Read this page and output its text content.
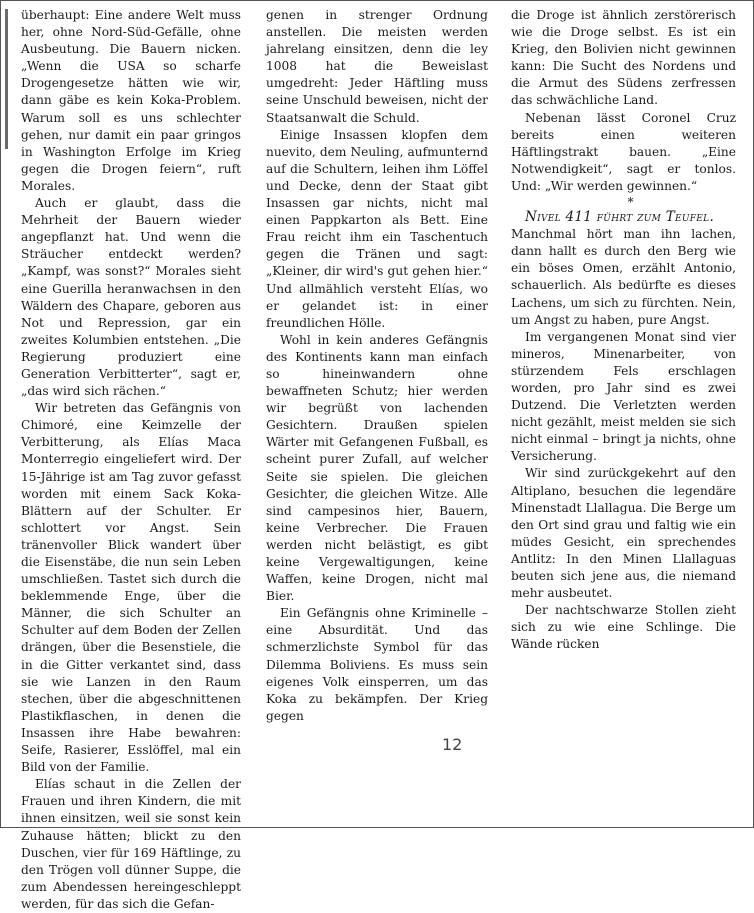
überhaupt: Eine andere Welt muss her, ohne Nord-Süd-Gefälle, ohne Ausbeutung. Die Bauern nicken. „Wenn die USA so scharfe Drogengesetze hätten wie wir, dann gäbe es kein Koka-Problem. Warum soll es uns schlechter gehen, nur damit ein paar gringos in Washington Erfolge im Krieg gegen die Drogen feiern“, ruft Morales.

Auch er glaubt, dass die Mehrheit der Bauern wieder angepflanzt hat. Und wenn die Sträucher entdeckt werden? „Kampf, was sonst?“ Morales sieht eine Guerilla heranwachsen in den Wäldern des Chapare, geboren aus Not und Repression, gar ein zweites Kolumbien entstehen. „Die Regierung produziert eine Generation Verbitterter“, sagt er, „das wird sich rächen.“

Wir betreten das Gefängnis von Chimoré, eine Keimzelle der Verbitterung, als Elías Maca Monterregio eingeliefert wird. Der 15-Jährige ist am Tag zuvor gefasst worden mit einem Sack Koka-Blättern auf der Schulter. Er schlottert vor Angst. Sein tränenvoller Blick wandert über die Eisenstäbe, die nun sein Leben umschließen. Tastet sich durch die beklemmende Enge, über die Männer, die sich Schulter an Schulter auf dem Boden der Zellen drängen, über die Besenstiele, die in die Gitter verkantet sind, dass sie wie Lanzen in den Raum stechen, über die abgeschnittenen Plastikflaschen, in denen die Insassen ihre Habe bewahren: Seife, Rasierer, Esslöffel, mal ein Bild von der Familie.

Elías schaut in die Zellen der Frauen und ihren Kindern, die mit ihnen einsitzen, weil sie sonst kein Zuhause hätten; blickt zu den Duschen, vier für 169 Häftlinge, zu den Trögen voll dünner Suppe, die zum Abendessen hereingeschleppt werden, für das sich die Gefan-

genen in strenger Ordnung anstellen. Die meisten werden jahrelang einsitzen, denn die ley 1008 hat die Beweislast umgedreht: Jeder Häftling muss seine Unschuld beweisen, nicht der Staatsanwalt die Schuld.

Einige Insassen klopfen dem nuevito, dem Neuling, aufmunternd auf die Schultern, leihen ihm Löffel und Decke, denn der Staat gibt Insassen gar nichts, nicht mal einen Pappkarton als Bett. Eine Frau reicht ihm ein Taschentuch gegen die Tränen und sagt: „Kleiner, dir wird's gut gehen hier.“ Und allmählich versteht Elías, wo er gelandet ist: in einer freundlichen Hölle.

Wohl in kein anderes Gefängnis des Kontinents kann man einfach so hineinwandern ohne bewaffneten Schutz; hier werden wir begrüßt von lachenden Gesichtern. Draußen spielen Wärter mit Gefangenen Fußball, es scheint purer Zufall, auf welcher Seite sie spielen. Die gleichen Gesichter, die gleichen Witze. Alle sind campesinos hier, Bauern, keine Verbrecher. Die Frauen werden nicht belästigt, es gibt keine Vergewaltigungen, keine Waffen, keine Drogen, nicht mal Bier.

Ein Gefängnis ohne Kriminelle – eine Absurdität. Und das schmerzlichste Symbol für das Dilemma Boliviens. Es muss sein eigenes Volk einsperren, um das Koka zu bekämpfen. Der Krieg gegen

die Droge ist ähnlich zerstörerisch wie die Droge selbst. Es ist ein Krieg, den Bolivien nicht gewinnen kann: Die Sucht des Nordens und die Armut des Südens zerfressen das schwächliche Land.

Nebenan lässt Coronel Cruz bereits einen weiteren Häftlingstrakt bauen. „Eine Notwendigkeit“, sagt er tonlos. Und: „Wir werden gewinnen.“

*

Nivel 411 führt zum Teufel.

Manchmal hört man ihn lachen, dann hallt es durch den Berg wie ein böses Omen, erzählt Antonio, schauerlich. Als bedürfte es dieses Lachens, um sich zu fürchten. Nein, um Angst zu haben, pure Angst.

Im vergangenen Monat sind vier mineros, Minenarbeiter, von stürzendem Fels erschlagen worden, pro Jahr sind es zwei Dutzend. Die Verletzten werden nicht gezählt, meist melden sie sich nicht einmal – bringt ja nichts, ohne Versicherung.

Wir sind zurückgekehrt auf den Altiplano, besuchen die legendäre Minenstadt Llallagua. Die Berge um den Ort sind grau und faltig wie ein müdes Gesicht, ein sprechendes Antlitz: In den Minen Llallaguas beuten sich jene aus, die niemand mehr ausbeutet.

Der nachtschwarze Stollen zieht sich zu wie eine Schlinge. Die Wände rücken

12
